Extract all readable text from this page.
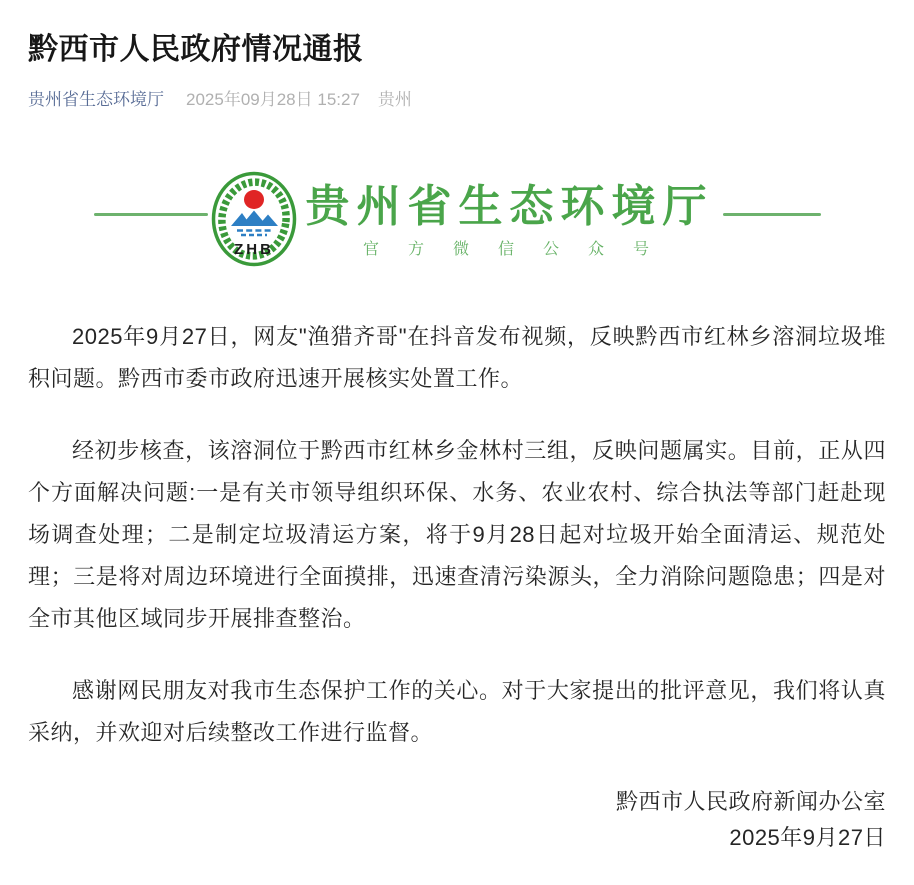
黔西市人民政府情况通报
贵州省生态环境厅 2025年09月28日 15:27 贵州
ZHB
贵州省生态环境厅
官方微信公众号

2025年9月27日，网友"渔猎齐哥"在抖音发布视频，反映黔西市红林乡溶洞垃圾堆积问题。黔西市委市政府迅速开展核实处置工作。

经初步核查，该溶洞位于黔西市红林乡金林村三组，反映问题属实。目前，正从四个方面解决问题:一是有关市领导组织环保、水务、农业农村、综合执法等部门赶赴现场调查处理；二是制定垃圾清运方案，将于9月28日起对垃圾开始全面清运、规范处理；三是将对周边环境进行全面摸排，迅速查清污染源头，全力消除问题隐患；四是对全市其他区域同步开展排查整治。

感谢网民朋友对我市生态保护工作的关心。对于大家提出的批评意见，我们将认真采纳，并欢迎对后续整改工作进行监督。

黔西市人民政府新闻办公室
2025年9月27日
